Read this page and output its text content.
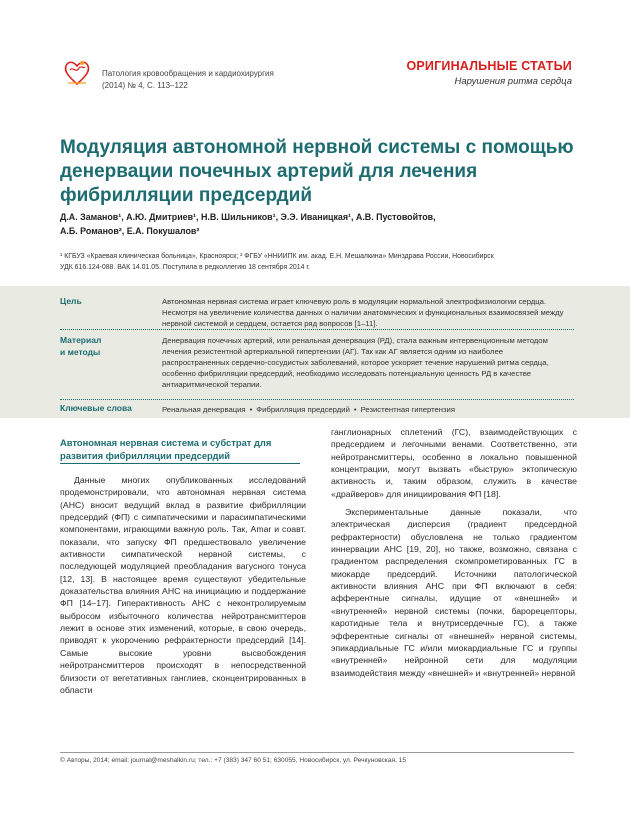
Патология кровообращения и кардиохирургия
(2014) № 4, С. 113–122
ОРИГИНАЛЬНЫЕ СТАТЬИ
Нарушения ритма сердца
Модуляция автономной нервной системы с помощью денервации почечных артерий для лечения фибрилляции предсердий
Д.А. Заманов¹, А.Ю. Дмитриев¹, Н.В. Шильников¹, Э.Э. Иваницкая¹, А.В. Пустовойтов,
А.Б. Романов², Е.А. Покушалов²
¹ КГБУЗ «Краевая клиническая больница», Красноярск; ² ФГБУ «ННИИПК им. акад. Е.Н. Мешалкина» Минздрава России, Новосибирск
УДК 616.124-088. ВАК 14.01.05. Поступила в редколлегию 18 сентября 2014 г.
Цель	Автономная нервная система играет ключевую роль в модуляции нормальной электрофизиологии сердца. Несмотря на увеличение количества данных о наличии анатомических и функциональных взаимосвязей между нервной системой и сердцем, остается ряд вопросов [1–11].
Материал
и методы
Денервация почечных артерий, или ренальная денервация (РД), стала важным интервенционным методом лечения резистентной артериальной гипертензии (АГ). Так как АГ является одним из наиболее распространенных сердечно-сосудистых заболеваний, которое ускоряет течение нарушений ритма сердца, особенно фибрилляции предсердий, необходимо исследовать потенциальную ценность РД в качестве антиаритмической терапии.
Ключевые слова	Ренальная денервация • Фибрилляция предсердий • Резистентная гипертензия
Автономная нервная система и субстрат для развития фибрилляции предсердий

Данные многих опубликованных исследований продемонстрировали, что автономная нервная система (АНС) вносит ведущий вклад в развитие фибрилляции предсердий (ФП) с симпатическими и парасимпатическими компонентами, играющими важную роль. Так, Amar и соавт. показали, что запуску ФП предшествовало увеличение активности симпатической нервной системы, с последующей модуляцией преобладания вагусного тонуса [12, 13]. В настоящее время существуют убедительные доказательства влияния АНС на инициацию и поддержание ФП [14–17]. Гиперактивность АНС с неконтролируемым выбросом избыточного количества нейротрансмиттеров лежит в основе этих изменений, которые, в свою очередь, приводят к укорочению рефрактерности предсердий [14]. Самые высокие уровни высвобождения нейротрансмиттеров происходят в непосредственной близости от вегетативных ганглиев, сконцентрированных в области

ганглионарных сплетений (ГС), взаимодействующих с предсердием и легочными венами. Соответственно, эти нейротрансмиттеры, особенно в локально повышенной концентрации, могут вызвать «быструю» эктопическую активность и, таким образом, служить в качестве «драйверов» для инициирования ФП [18].

Экспериментальные данные показали, что электрическая дисперсия (градиент предсердной рефрактерности) обусловлена не только градиентом иннервации АНС [19, 20], но также, возможно, связана с градиентом распределения скомпрометированных ГС в миокарде предсердий. Источники патологической активности влияния АНС при ФП включают в себя: афферентные сигналы, идущие от «внешней» и «внутренней» нервной системы (почки, барорецепторы, каротидные тела и внутрисердечные ГС), а также эфферентные сигналы от «внешней» нервной системы, эпикардиальные ГС и/или миокардиальные ГС и группы «внутренней» нейронной сети для модуляции взаимодействия между «внешней» и «внутренней» нервной

© Авторы, 2014; email: journal@meshalkin.ru; тел.: +7 (383) 347 60 51; 630055, Новосибирск, ул. Речкуновская, 15
